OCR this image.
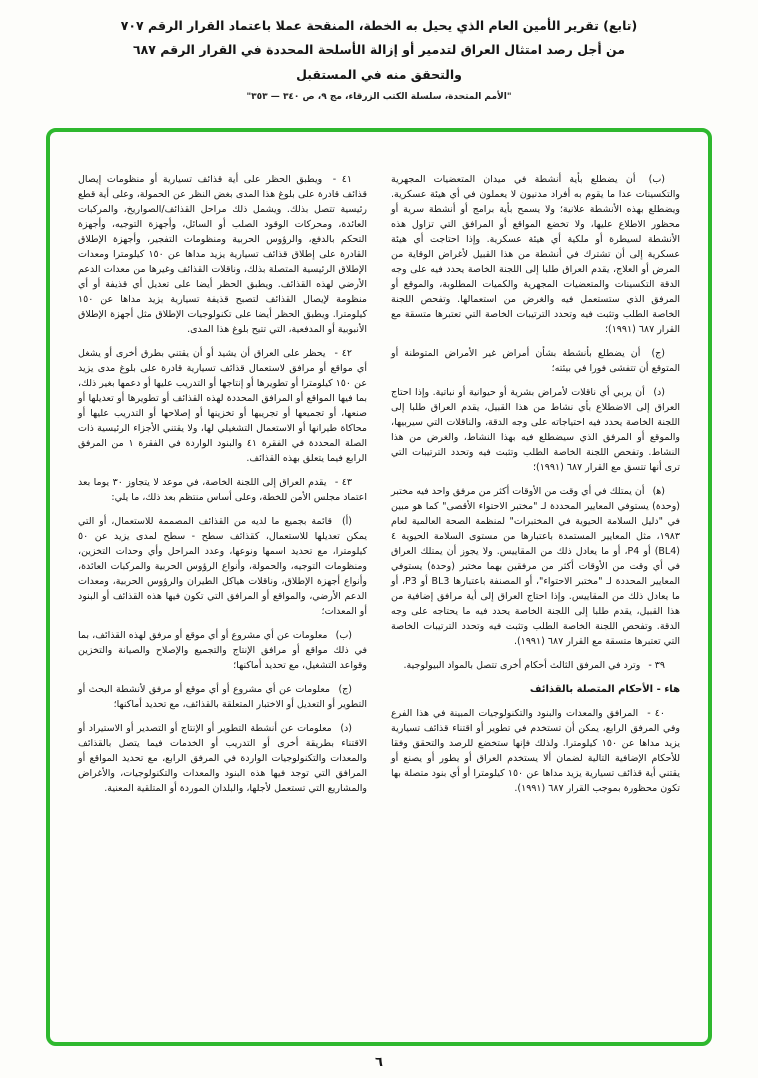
(تابع) تقرير الأمين العام الذي يحيل به الخطة، المنقحة عملا باعتماد القرار الرقم ٧٠٧
من أجل رصد امتثال العراق لتدمير أو إزالة الأسلحة المحددة في القرار الرقم ٦٨٧
والتحقق منه في المستقبل
"الأمم المتحدة، سلسلة الكتب الزرقاء، مج ٩، ص ٣٤٠ — ٣٥٣"

(ب) أن يضطلع بأية أنشطة في ميدان المتعضيات المجهرية والتكسينات عدا ما يقوم به أفراد مدنيون لا يعملون في أي هيئة عسكرية. ويضطلع بهذه الأنشطة علانية؛ ولا يسمح بأية برامج أو أنشطة سرية أو محظور الاطلاع عليها، ولا تخضع المواقع أو المرافق التي تزاول هذه الأنشطة لسيطرة أو ملكية أي هيئة عسكرية. وإذا احتاجت أي هيئة عسكرية إلى أن تشترك في أنشطة من هذا القبيل لأغراض الوقاية من المرض أو العلاج، يقدم العراق طلبا إلى اللجنة الخاصة يحدد فيه على وجه الدقة التكسينات والمتعضيات المجهرية والكميات المطلوبة، والموقع أو المرفق الذي ستستعمل فيه والغرض من استعمالها. وتفحص اللجنة الخاصة الطلب وتثبت فيه وتحدد الترتيبات الخاصة التي تعتبرها متسقة مع القرار ٦٨٧ (١٩٩١)؛

(ج) أن يضطلع بأنشطة بشأن أمراض غير الأمراض المتوطنة أو المتوقع أن تتفشى فورا في بيئته؛

(د) أن يربي أي ناقلات لأمراض بشرية أو حيوانية أو نباتية. وإذا احتاج العراق إلى الاضطلاع بأي نشاط من هذا القبيل، يقدم العراق طلبا إلى اللجنة الخاصة يحدد فيه احتياجاته على وجه الدقة، والناقلات التي سيربيها، والموقع أو المرفق الذي سيضطلع فيه بهذا النشاط، والغرض من هذا النشاط. وتفحص اللجنة الخاصة الطلب وتثبت فيه وتحدد الترتيبات التي ترى أنها تتسق مع القرار ٦٨٧ (١٩٩١)؛

(ﻫ) أن يمتلك في أي وقت من الأوقات أكثر من مرفق واحد فيه مختبر (وحدة) يستوفي المعايير المحددة لـ "مختبر الاحتواء الأقصى" كما هو مبين في "دليل السلامة الحيوية في المختبرات" لمنظمة الصحة العالمية لعام ١٩٨٣، مثل المعايير المستمدة باعتبارها من مستوى السلامة الحيوية ٤ (BL4) أو P4، أو ما يعادل ذلك من المقاييس. ولا يجوز أن يمتلك العراق في أي وقت من الأوقات أكثر من مرفقين بهما مختبر (وحدة) يستوفي المعايير المحددة لـ "مختبر الاحتواء"، أو المصنفة باعتبارها BL3 أو P3، أو ما يعادل ذلك من المقاييس. وإذا احتاج العراق إلى أية مرافق إضافية من هذا القبيل، يقدم طلبا إلى اللجنة الخاصة يحدد فيه ما يحتاجه على وجه الدقة. وتفحص اللجنة الخاصة الطلب وتثبت فيه وتحدد الترتيبات الخاصة التي تعتبرها متسقة مع القرار ٦٨٧ (١٩٩١).

٣٩ - وترد في المرفق الثالث أحكام أخرى تتصل بالمواد البيولوجية.

هاء - الأحكام المتصلة بالقذائف

٤٠ - المرافق والمعدات والبنود والتكنولوجيات المبينة في هذا الفرع وفي المرفق الرابع، يمكن أن تستخدم في تطوير أو اقتناء قذائف تسيارية يزيد مداها عن ١٥٠ كيلومترا. ولذلك فإنها ستخضع للرصد والتحقق وفقا للأحكام الإضافية التالية لضمان ألا يستخدم العراق أو يطور أو يصنع أو يقتني أية قذائف تسيارية يزيد مداها عن ١٥٠ كيلومترا أو أي بنود متصلة بها تكون محظورة بموجب القرار ٦٨٧ (١٩٩١).

٤١ - ويطبق الحظر على أية قذائف تسيارية أو منظومات إيصال قذائف قادرة على بلوغ هذا المدى بغض النظر عن الحمولة، وعلى أية قطع رئيسية تتصل بذلك. ويشمل ذلك مراحل القذائف/الصواريخ، والمركبات العائدة، ومحركات الوقود الصلب أو السائل، وأجهزة التوجيه، وأجهزة التحكم بالدفع، والرؤوس الحربية ومنظومات التفجير، وأجهزة الإطلاق القادرة على إطلاق قذائف تسيارية يزيد مداها عن ١٥٠ كيلومترا ومعدات الإطلاق الرئيسية المتصلة بذلك، وناقلات القذائف وغيرها من معدات الدعم الأرضي لهذه القذائف. ويطبق الحظر أيضا على تعديل أي قذيفة أو أي منظومة لإيصال القذائف لتصبح قذيفة تسيارية يزيد مداها عن ١٥٠ كيلومترا. ويطبق الحظر أيضا على تكنولوجيات الإطلاق مثل أجهزة الإطلاق الأنبوبية أو المدفعية، التي تتيح بلوغ هذا المدى.

٤٢ - يحظر على العراق أن يشيد أو أن يقتني بطرق أخرى أو يشغل أي مواقع أو مرافق لاستعمال قذائف تسيارية قادرة على بلوغ مدى يزيد عن ١٥٠ كيلومترا أو تطويرها أو إنتاجها أو التدريب عليها أو دعمها بغير ذلك، بما فيها المواقع أو المرافق المحددة لهذه القذائف أو تطويرها أو تعديلها أو صنعها، أو تجميعها أو تجريبها أو تخزينها أو إصلاحها أو التدريب عليها أو محاكاة طيرانها أو الاستعمال التشغيلي لها، ولا يقتني الأجزاء الرئيسية ذات الصلة المحددة في الفقرة ٤١ والبنود الواردة في الفقرة ١ من المرفق الرابع فيما يتعلق بهذه القذائف.

٤٣ - يقدم العراق إلى اللجنة الخاصة، في موعد لا يتجاوز ٣٠ يوما بعد اعتماد مجلس الأمن للخطة، وعلى أساس منتظم بعد ذلك، ما يلي:

(أ) قائمة بجميع ما لديه من القذائف المصممة للاستعمال، أو التي يمكن تعديلها للاستعمال، كقذائف سطح - سطح لمدى يزيد عن ٥٠ كيلومترا، مع تحديد اسمها ونوعها، وعدد المراحل وأي وحدات التخزين، ومنظومات التوجيه، والحمولة، وأنواع الرؤوس الحربية والمركبات العائدة، وأنواع أجهزة الإطلاق، وناقلات هياكل الطيران والرؤوس الحربية، ومعدات الدعم الأرضي، والمواقع أو المرافق التي تكون فيها هذه القذائف أو البنود أو المعدات؛

(ب) معلومات عن أي مشروع أو أي موقع أو مرفق لهذه القذائف، بما في ذلك مواقع أو مرافق الإنتاج والتجميع والإصلاح والصيانة والتخزين وقواعد التشغيل، مع تحديد أماكنها؛

(ج) معلومات عن أي مشروع أو أي موقع أو مرفق لأنشطة البحث أو التطوير أو التعديل أو الاختبار المتعلقة بالقذائف، مع تحديد أماكنها؛

(د) معلومات عن أنشطة التطوير أو الإنتاج أو التصدير أو الاستيراد أو الاقتناء بطريقة أخرى أو التدريب أو الخدمات فيما يتصل بالقذائف والمعدات والتكنولوجيات الواردة في المرفق الرابع، مع تحديد المواقع أو المرافق التي توجد فيها هذه البنود والمعدات والتكنولوجيات، والأغراض والمشاريع التي تستعمل لأجلها، والبلدان الموردة أو المتلقية المعنية.

٦
